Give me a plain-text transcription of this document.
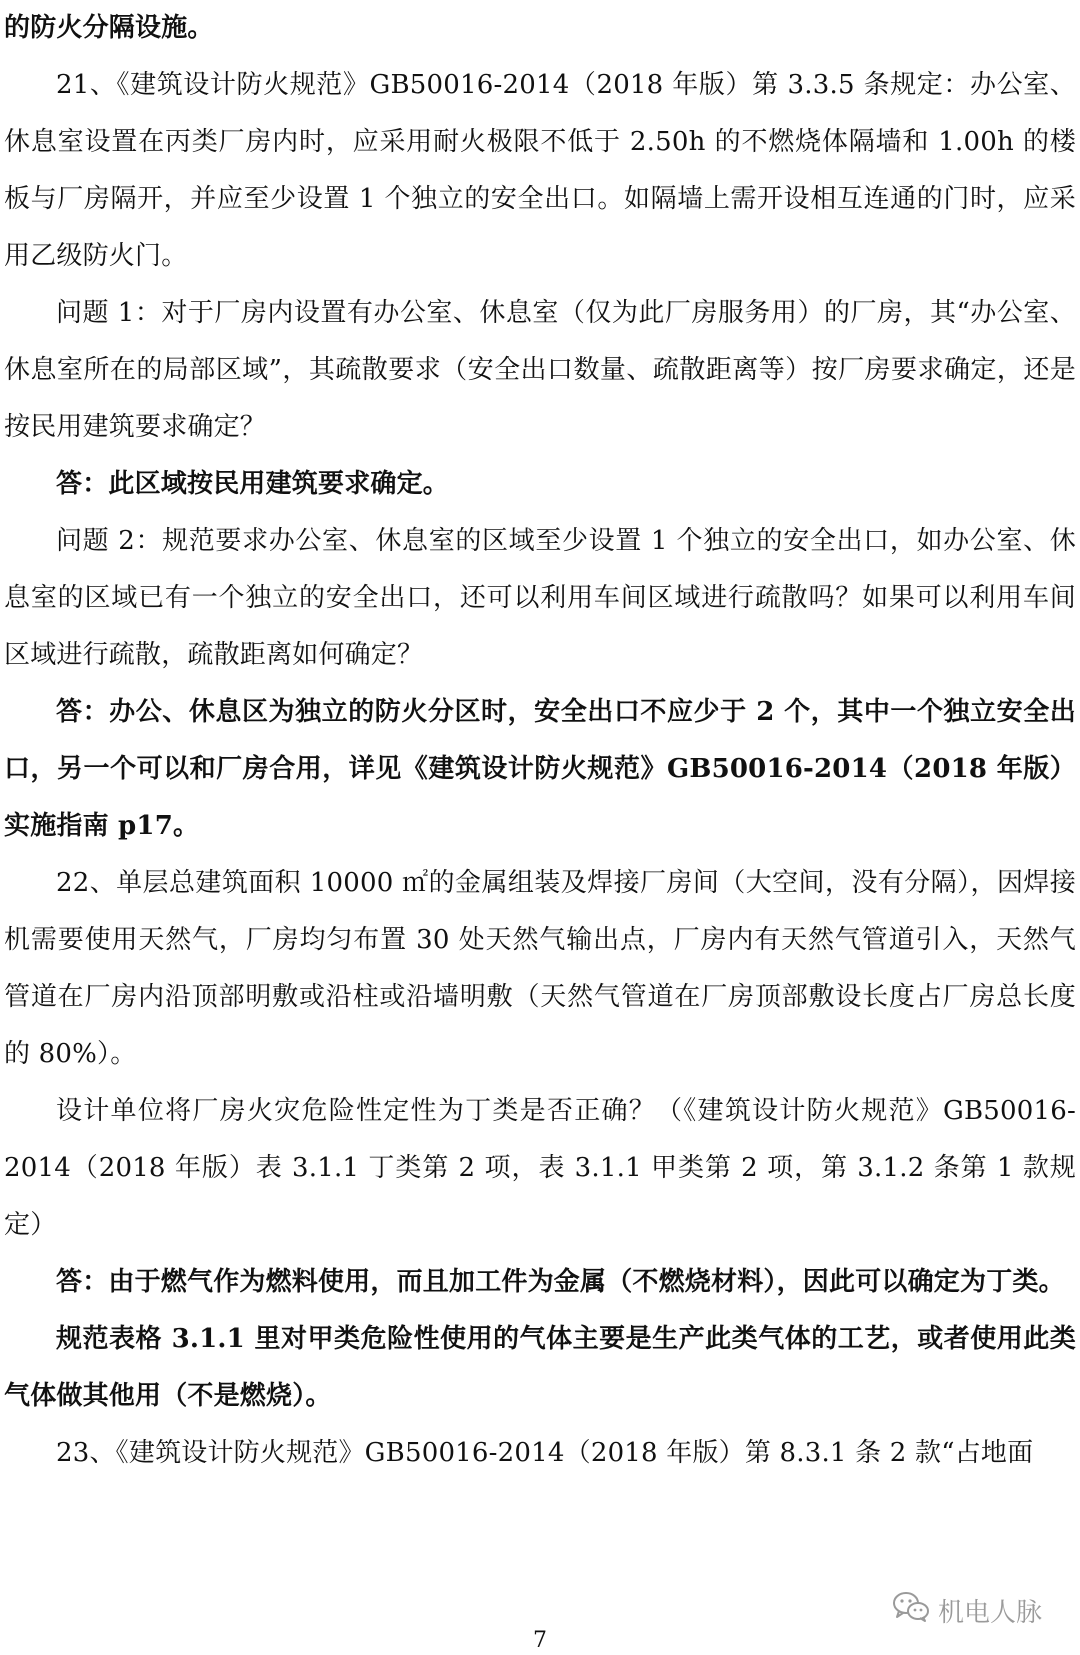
的防火分隔设施。

21、《建筑设计防火规范》GB50016-2014（2018 年版）第 3.3.5 条规定：办公室、休息室设置在丙类厂房内时，应采用耐火极限不低于 2.50h 的不燃烧体隔墙和 1.00h 的楼板与厂房隔开，并应至少设置 1 个独立的安全出口。如隔墙上需开设相互连通的门时，应采用乙级防火门。

问题 1：对于厂房内设置有办公室、休息室（仅为此厂房服务用）的厂房，其“办公室、休息室所在的局部区域”，其疏散要求（安全出口数量、疏散距离等）按厂房要求确定，还是按民用建筑要求确定？

答：此区域按民用建筑要求确定。

问题 2：规范要求办公室、休息室的区域至少设置 1 个独立的安全出口，如办公室、休息室的区域已有一个独立的安全出口，还可以利用车间区域进行疏散吗？如果可以利用车间区域进行疏散，疏散距离如何确定？

答：办公、休息区为独立的防火分区时，安全出口不应少于 2 个，其中一个独立安全出口，另一个可以和厂房合用，详见《建筑设计防火规范》GB50016-2014（2018 年版）实施指南 p17。

22、单层总建筑面积 10000 ㎡的金属组装及焊接厂房间（大空间，没有分隔），因焊接机需要使用天然气，厂房均匀布置 30 处天然气输出点，厂房内有天然气管道引入，天然气管道在厂房内沿顶部明敷或沿柱或沿墙明敷（天然气管道在厂房顶部敷设长度占厂房总长度的 80%）。

设计单位将厂房火灾危险性定性为丁类是否正确？（《建筑设计防火规范》GB50016-2014（2018 年版）表 3.1.1 丁类第 2 项，表 3.1.1 甲类第 2 项，第 3.1.2 条第 1 款规定）

答：由于燃气作为燃料使用，而且加工件为金属（不燃烧材料），因此可以确定为丁类。

规范表格 3.1.1 里对甲类危险性使用的气体主要是生产此类气体的工艺，或者使用此类气体做其他用（不是燃烧）。

23、《建筑设计防火规范》GB50016-2014（2018 年版）第 8.3.1 条 2 款“占地面

机电人脉
7
